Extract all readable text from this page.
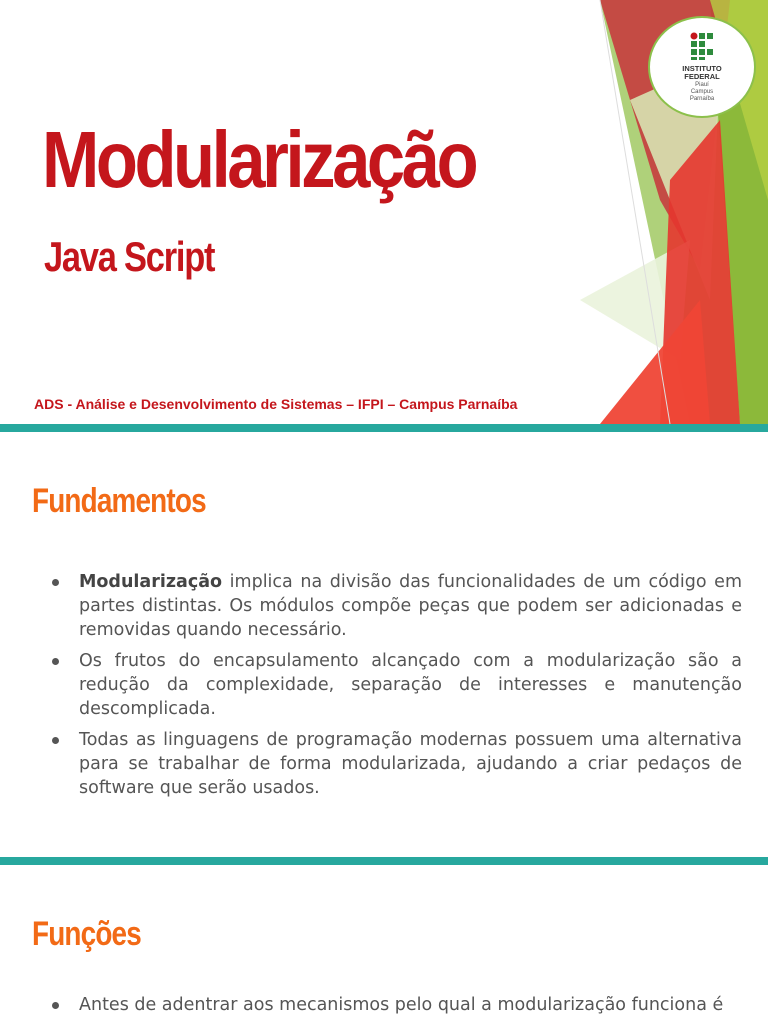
INSTITUTO
FEDERAL
Piauí
Campus
Parnaíba
Modularização
Java Script

ADS - Análise e Desenvolvimento de Sistemas – IFPI – Campus Parnaíba

Fundamentos
Modularização implica na divisão das funcionalidades de um código em partes distintas. Os módulos compõe peças que podem ser adicionadas e removidas quando necessário.
Os frutos do encapsulamento alcançado com a modularização são a redução da complexidade, separação de interesses e manutenção descomplicada.
Todas as linguagens de programação modernas possuem uma alternativa para se trabalhar de forma modularizada, ajudando a criar pedaços de software que serão usados.
Funções
Antes de adentrar aos mecanismos pelo qual a modularização funciona é
